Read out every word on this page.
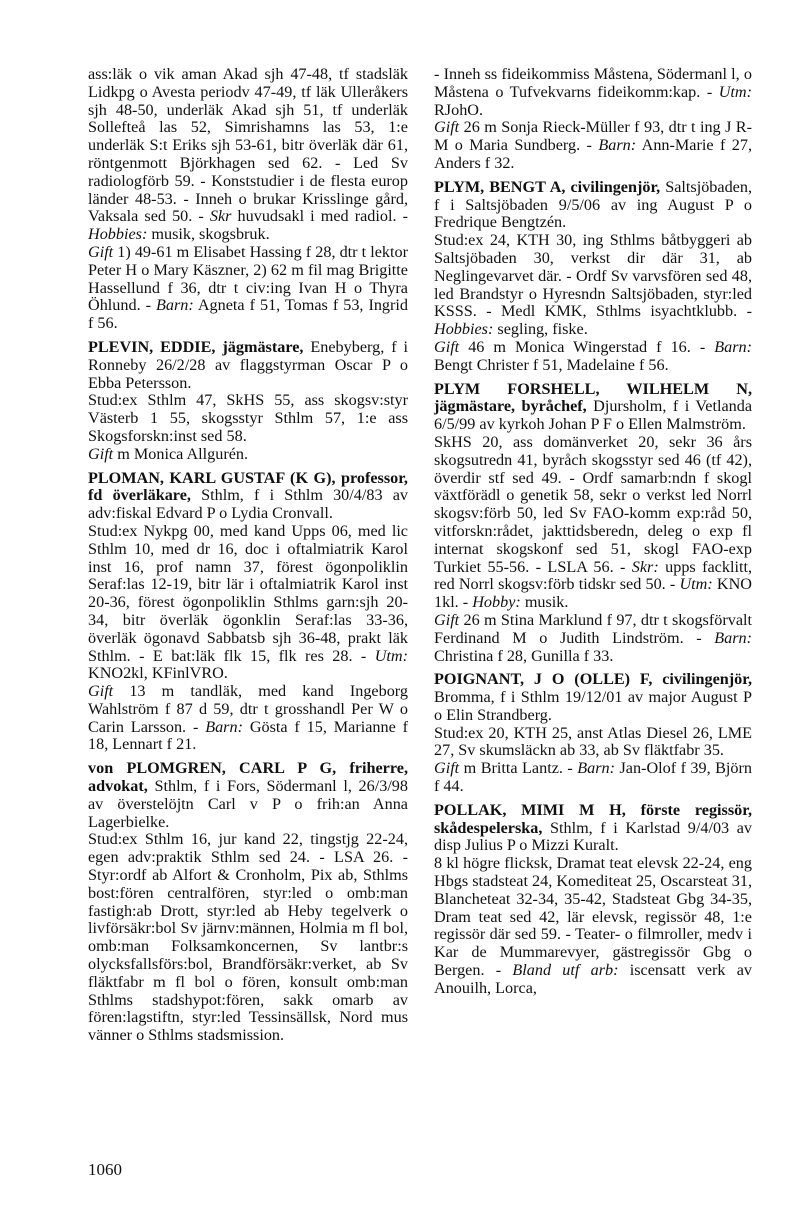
ass:läk o vik aman Akad sjh 47-48, tf stadsläk Lidkpg o Avesta periodv 47-49, tf läk Ulleråkers sjh 48-50, underläk Akad sjh 51, tf underläk Sollefteå las 52, Simrishamns las 53, 1:e underläk S:t Eriks sjh 53-61, bitr överläk där 61, röntgenmott Björkhagen sed 62. - Led Sv radiologförb 59. - Konststudier i de flesta europ länder 48-53. - Inneh o brukar Krisslinge gård, Vaksala sed 50. - Skr huvudsakl i med radiol. - Hobbies: musik, skogsbruk.

Gift 1) 49-61 m Elisabet Hassing f 28, dtr t lektor Peter H o Mary Käszner, 2) 62 m fil mag Brigitte Hassellund f 36, dtr t civ:ing Ivan H o Thyra Öhlund. - Barn: Agneta f 51, Tomas f 53, Ingrid f 56.

PLEVIN, EDDIE, jägmästare, Enebyberg, f i Ronneby 26/2/28 av flaggstyrman Oscar P o Ebba Petersson.

Stud:ex Sthlm 47, SkHS 55, ass skogsv:styr Västerb 1 55, skogsstyr Sthlm 57, 1:e ass Skogsforskn:inst sed 58.

Gift m Monica Allgurén.

PLOMAN, KARL GUSTAF (K G), professor, fd överläkare, Sthlm, f i Sthlm 30/4/83 av adv:fiskal Edvard P o Lydia Cronvall.

Stud:ex Nykpg 00, med kand Upps 06, med lic Sthlm 10, med dr 16, doc i oftalmiatrik Karol inst 16, prof namn 37, förest ögonpoliklin Seraf:las 12-19, bitr lär i oftalmiatrik Karol inst 20-36, förest ögonpoliklin Sthlms garn:sjh 20-34, bitr överläk ögonklin Seraf:las 33-36, överläk ögonavd Sabbatsb sjh 36-48, prakt läk Sthlm. - E bat:läk flk 15, flk res 28. - Utm: KNO2kl, KFinlVRO.

Gift 13 m tandläk, med kand Ingeborg Wahlström f 87 d 59, dtr t grosshandl Per W o Carin Larsson. - Barn: Gösta f 15, Marianne f 18, Lennart f 21.

von PLOMGREN, CARL P G, friherre, advokat, Sthlm, f i Fors, Södermanl l, 26/3/98 av överstelöjtn Carl v P o frih:an Anna Lagerbielke.

Stud:ex Sthlm 16, jur kand 22, tingstjg 22-24, egen adv:praktik Sthlm sed 24. - LSA 26. - Styr:ordf ab Alfort & Cronholm, Pix ab, Sthlms bost:fören centralfören, styr:led o omb:man fastigh:ab Drott, styr:led ab Heby tegelverk o livförsäkr:bol Sv järnv:männen, Holmia m fl bol, omb:man Folksamkoncernen, Sv lantbr:s olycksfallsförs:bol, Brandförsäkr:verket, ab Sv fläktfabr m fl bol o fören, konsult omb:man Sthlms stadshypot:fören, sakk omarb av fören:lagstiftn, styr:led Tessinsällsk, Nord mus vänner o Sthlms stadsmission.

- Inneh ss fideikommiss Måstena, Södermanl l, o Måstena o Tufvekvarns fideikomm:kap. - Utm: RJohO.

Gift 26 m Sonja Rieck-Müller f 93, dtr t ing J R-M o Maria Sundberg. - Barn: Ann-Marie f 27, Anders f 32.

PLYM, BENGT A, civilingenjör, Saltsjöbaden, f i Saltsjöbaden 9/5/06 av ing August P o Fredrique Bengtzén.

Stud:ex 24, KTH 30, ing Sthlms båtbyggeri ab Saltsjöbaden 30, verkst dir där 31, ab Neglingevarvet där. - Ordf Sv varvsfören sed 48, led Brandstyr o Hyresndn Saltsjöbaden, styr:led KSSS. - Medl KMK, Sthlms isyachtklubb. - Hobbies: segling, fiske.

Gift 46 m Monica Wingerstad f 16. - Barn: Bengt Christer f 51, Madelaine f 56.

PLYM FORSHELL, WILHELM N, jägmästare, byråchef, Djursholm, f i Vetlanda 6/5/99 av kyrkoh Johan P F o Ellen Malmström.

SkHS 20, ass domänverket 20, sekr 36 års skogsutredn 41, byråch skogsstyr sed 46 (tf 42), överdir stf sed 49. - Ordf samarb:ndn f skogl växtförädl o genetik 58, sekr o verkst led Norrl skogsv:förb 50, led Sv FAO-komm exp:råd 50, vitforskn:rådet, jakttidsberedn, deleg o exp fl internat skogskonf sed 51, skogl FAO-exp Turkiet 55-56. - LSLA 56. - Skr: upps facklitt, red Norrl skogsv:förb tidskr sed 50. - Utm: KNO 1kl. - Hobby: musik.

Gift 26 m Stina Marklund f 97, dtr t skogsförvalt Ferdinand M o Judith Lindström. - Barn: Christina f 28, Gunilla f 33.

POIGNANT, J O (OLLE) F, civilingenjör, Bromma, f i Sthlm 19/12/01 av major August P o Elin Strandberg.

Stud:ex 20, KTH 25, anst Atlas Diesel 26, LME 27, Sv skumsläckn ab 33, ab Sv fläktfabr 35.

Gift m Britta Lantz. - Barn: Jan-Olof f 39, Björn f 44.

POLLAK, MIMI M H, förste regissör, skådespelerska, Sthlm, f i Karlstad 9/4/03 av disp Julius P o Mizzi Kuralt.

8 kl högre flicksk, Dramat teat elevsk 22-24, eng Hbgs stadsteat 24, Komediteat 25, Oscarsteat 31, Blancheteat 32-34, 35-42, Stadsteat Gbg 34-35, Dram teat sed 42, lär elevsk, regissör 48, 1:e regissör där sed 59. - Teater- o filmroller, medv i Kar de Mummarevyer, gästregissör Gbg o Bergen. - Bland utf arb: iscensatt verk av Anouilh, Lorca,

1060
